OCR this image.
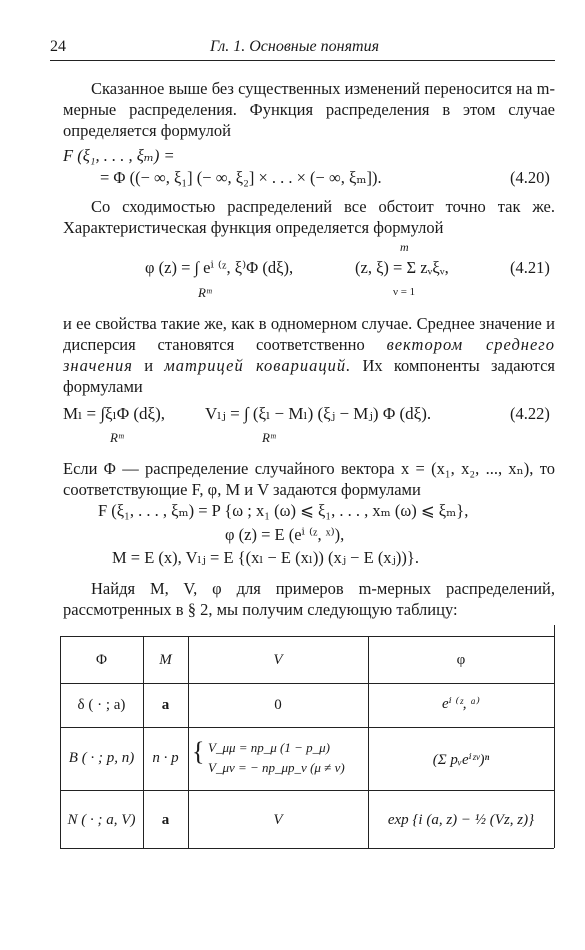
24	Гл. 1. Основные понятия
Сказанное выше без существенных изменений переносится на m-мерные распределения. Функция распределения в этом случае определяется формулой
F (ξ₁, . . . , ξₘ) =
= Φ ((− ∞, ξ₁] (− ∞, ξ₂] × . . . × (− ∞, ξₘ]).	(4.20)
Со сходимостью распределений все обстоит точно так же. Характеристическая функция определяется формулой
φ (z) = ∫ eⁱ ⁽ᶻ, ξ⁾Φ (dξ),
Rᵐ
(z, ξ) = Σ zᵥξᵥ,
m
ν = 1
(4.21)
и ее свойства такие же, как в одномерном случае. Среднее значение и дисперсия становятся соответственно вектором среднего значения и матрицей ковариаций. Их компоненты задаются формулами
Mₗ = ∫ξₗΦ (dξ), Vₗⱼ = ∫ (ξₗ − Mₗ) (ξⱼ − Mⱼ) Φ (dξ).
Rᵐ	Rᵐ
(4.22)
Если Φ — распределение случайного вектора x = (x₁, x₂, ..., xₙ), то соответствующие F, φ, M и V задаются формулами
F (ξ₁, . . . , ξₘ) = P {ω ; x₁ (ω) ⩽ ξ₁, . . . , xₘ (ω) ⩽ ξₘ},
φ (z) = E (eⁱ ⁽ᶻ, ˣ⁾),
M = E (x), Vₗⱼ = E {(xₗ − E (xₗ)) (xⱼ − E (xⱼ))}.
Найдя M, V, φ для примеров m-мерных распределений, рассмотренных в § 2, мы получим следующую таблицу:
Φ	M	V	φ
δ ( · ; a)	a	0	eⁱ ⁽ᶻ, ᵃ⁾
B ( · ; p, n)	n · p { V_μμ = np_μ (1 − p_μ)
V_μν = − np_μp_ν (μ ≠ ν)	(Σ pᵥeⁱᶻᵛ)ⁿ
N ( · ; a, V)	a	V	exp {i (a, z) − ½ (Vz, z)}
